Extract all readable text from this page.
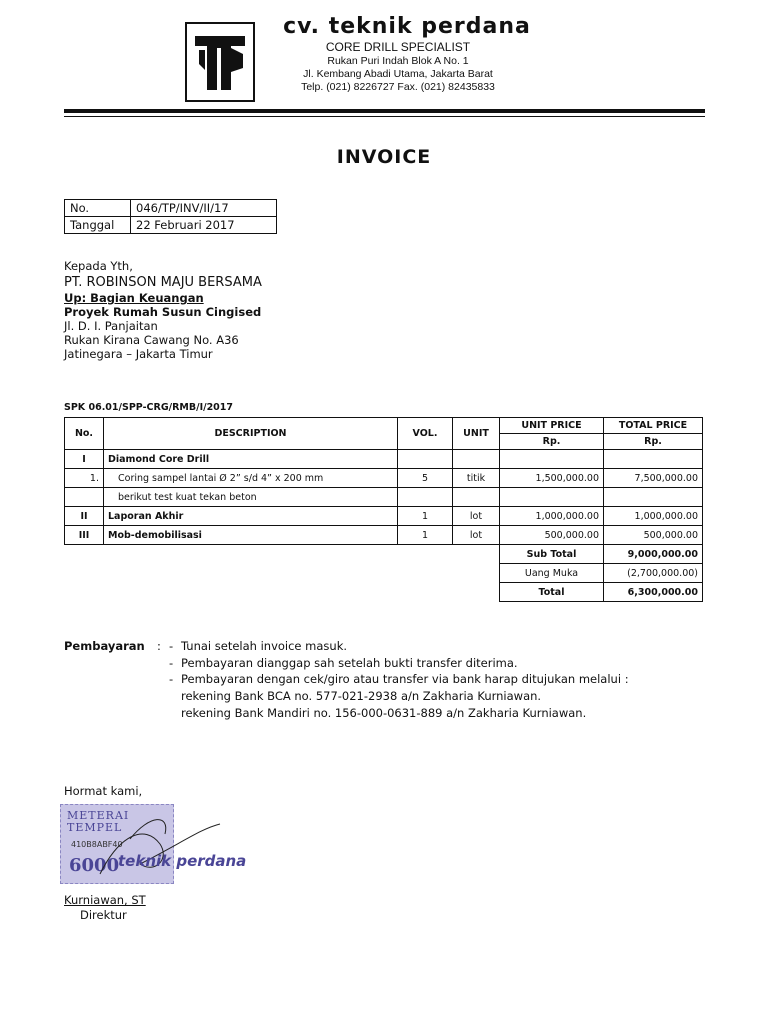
cv. teknik perdana
CORE DRILL SPECIALIST
Rukan Puri Indah Blok A No. 1
Jl. Kembang Abadi Utama, Jakarta Barat
Telp. (021) 8226727 Fax. (021) 82435833
INVOICE
No.	046/TP/INV/II/17
Tanggal	22 Februari 2017
Kepada Yth,
PT. ROBINSON MAJU BERSAMA
Up: Bagian Keuangan
Proyek Rumah Susun Cingised
Jl. D. I. Panjaitan
Rukan Kirana Cawang No. A36
Jatinegara – Jakarta Timur
SPK 06.01/SPP-CRG/RMB/I/2017
No.	DESCRIPTION	VOL.	UNIT	UNIT PRICE	TOTAL PRICE
				Rp.	Rp.
I	Diamond Core Drill				
1.	Coring sampel lantai Ø 2” s/d 4” x 200 mm	5	titik	1,500,000.00	7,500,000.00
	berikut test kuat tekan beton				
II	Laporan Akhir	1	lot	1,000,000.00	1,000,000.00
III	Mob-demobilisasi	1	lot	500,000.00	500,000.00
				Sub Total	9,000,000.00
				Uang Muka	(2,700,000.00)
				Total	6,300,000.00
Pembayaran : - Tunai setelah invoice masuk.
- Pembayaran dianggap sah setelah bukti transfer diterima.
- Pembayaran dengan cek/giro atau transfer via bank harap ditujukan melalui :
rekening Bank BCA no. 577-021-2938 a/n Zakharia Kurniawan.
rekening Bank Mandiri no. 156-000-0631-889 a/n Zakharia Kurniawan.
Hormat kami,
METERAI
TEMPEL
410B8ABF40
6000
teknik perdana
Kurniawan, ST
Direktur
